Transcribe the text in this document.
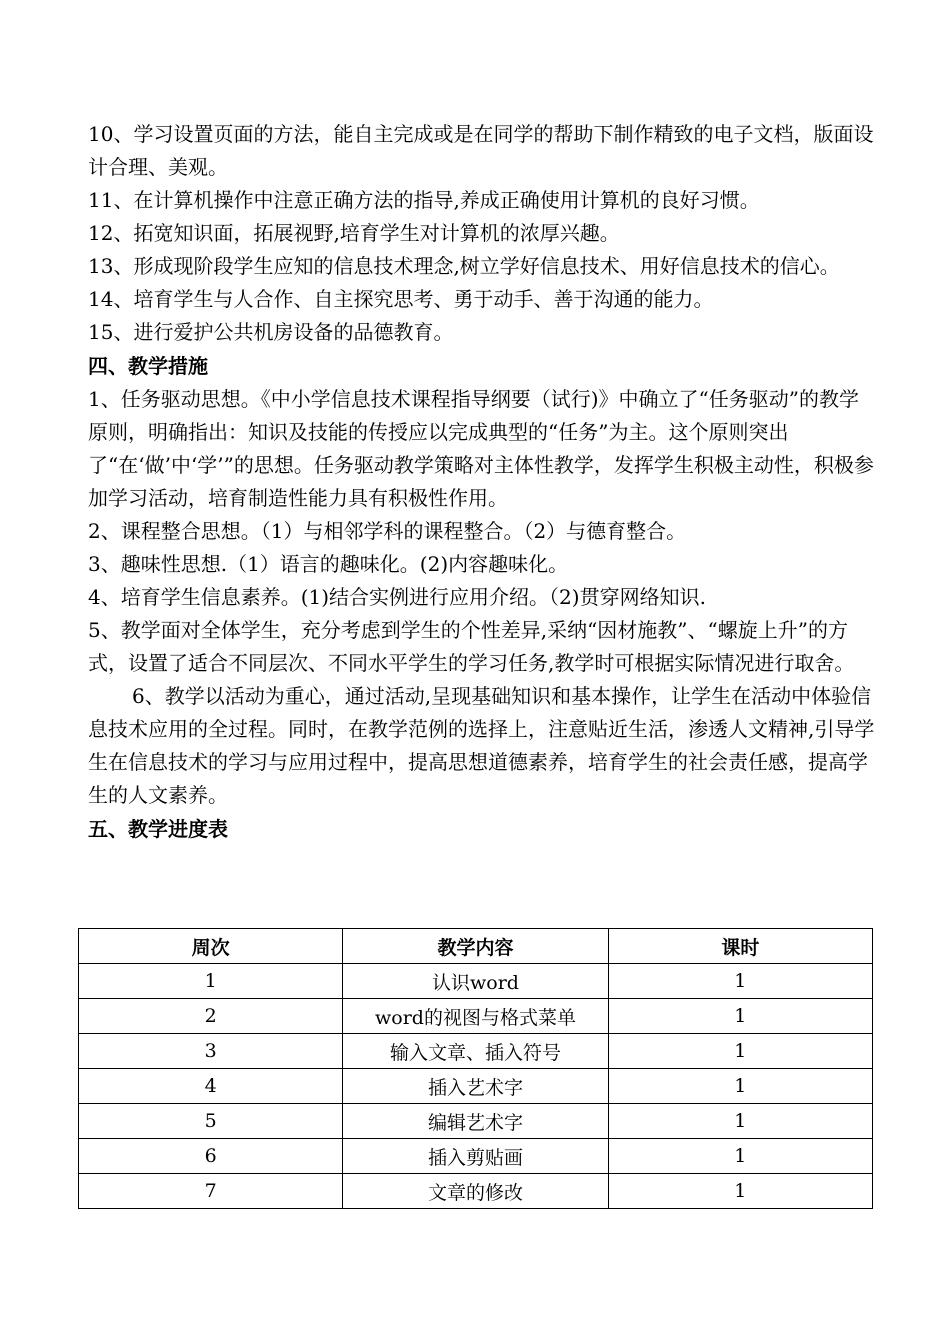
10、学习设置页面的方法，能自主完成或是在同学的帮助下制作精致的电子文档，版面设计合理、美观。

11、在计算机操作中注意正确方法的指导,养成正确使用计算机的良好习惯。

12、拓宽知识面，拓展视野,培育学生对计算机的浓厚兴趣。

13、形成现阶段学生应知的信息技术理念,树立学好信息技术、用好信息技术的信心。

14、培育学生与人合作、自主探究思考、勇于动手、善于沟通的能力。

15、进行爱护公共机房设备的品德教育。

四、教学措施

1、任务驱动思想。《中小学信息技术课程指导纲要（试行)》中确立了“任务驱动”的教学原则，明确指出：知识及技能的传授应以完成典型的“任务”为主。这个原则突出了“在‘做’中‘学’”的思想。任务驱动教学策略对主体性教学，发挥学生积极主动性，积极参加学习活动，培育制造性能力具有积极性作用。

2、课程整合思想。（1）与相邻学科的课程整合。（2）与德育整合。

3、趣味性思想.（1）语言的趣味化。(2)内容趣味化。

4、培育学生信息素养。(1)结合实例进行应用介绍。（2)贯穿网络知识.

5、教学面对全体学生，充分考虑到学生的个性差异,采纳“因材施教”、“螺旋上升”的方式，设置了适合不同层次、不同水平学生的学习任务,教学时可根据实际情况进行取舍。

6、教学以活动为重心，通过活动,呈现基础知识和基本操作，让学生在活动中体验信息技术应用的全过程。同时，在教学范例的选择上，注意贴近生活，渗透人文精神,引导学生在信息技术的学习与应用过程中，提高思想道德素养，培育学生的社会责任感，提高学生的人文素养。

五、教学进度表

周次	教学内容	课时
1	认识word	1
2	word的视图与格式菜单	1
3	输入文章、插入符号	1
4	插入艺术字	1
5	编辑艺术字	1
6	插入剪贴画	1
7	文章的修改	1
